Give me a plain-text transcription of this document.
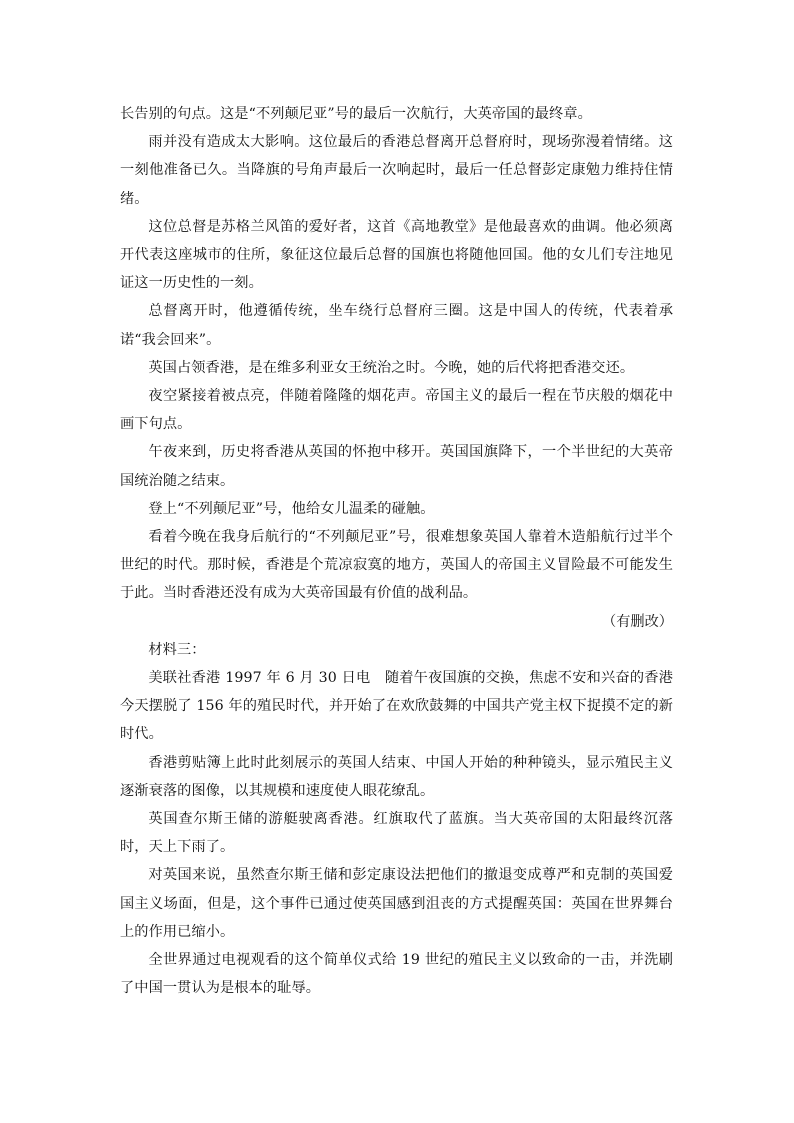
长告别的句点。这是“不列颠尼亚”号的最后一次航行，大英帝国的最终章。

雨并没有造成太大影响。这位最后的香港总督离开总督府时，现场弥漫着情绪。这一刻他准备已久。当降旗的号角声最后一次响起时，最后一任总督彭定康勉力维持住情绪。

这位总督是苏格兰风笛的爱好者，这首《高地教堂》是他最喜欢的曲调。他必须离开代表这座城市的住所，象征这位最后总督的国旗也将随他回国。他的女儿们专注地见证这一历史性的一刻。

总督离开时，他遵循传统，坐车绕行总督府三圈。这是中国人的传统，代表着承诺“我会回来”。

英国占领香港，是在维多利亚女王统治之时。今晚，她的后代将把香港交还。

夜空紧接着被点亮，伴随着隆隆的烟花声。帝国主义的最后一程在节庆般的烟花中画下句点。

午夜来到，历史将香港从英国的怀抱中移开。英国国旗降下，一个半世纪的大英帝国统治随之结束。

登上“不列颠尼亚”号，他给女儿温柔的碰触。

看着今晚在我身后航行的“不列颠尼亚”号，很难想象英国人靠着木造船航行过半个世纪的时代。那时候，香港是个荒凉寂寞的地方，英国人的帝国主义冒险最不可能发生于此。当时香港还没有成为大英帝国最有价值的战利品。

（有删改）

材料三：

美联社香港 1997 年 6 月 30 日电　随着午夜国旗的交换，焦虑不安和兴奋的香港今天摆脱了 156 年的殖民时代，并开始了在欢欣鼓舞的中国共产党主权下捉摸不定的新时代。

香港剪贴簿上此时此刻展示的英国人结束、中国人开始的种种镜头，显示殖民主义逐渐衰落的图像，以其规模和速度使人眼花缭乱。

英国查尔斯王储的游艇驶离香港。红旗取代了蓝旗。当大英帝国的太阳最终沉落时，天上下雨了。

对英国来说，虽然查尔斯王储和彭定康设法把他们的撤退变成尊严和克制的英国爱国主义场面，但是，这个事件已通过使英国感到沮丧的方式提醒英国：英国在世界舞台上的作用已缩小。

全世界通过电视观看的这个简单仪式给 19 世纪的殖民主义以致命的一击，并洗刷了中国一贯认为是根本的耻辱。
